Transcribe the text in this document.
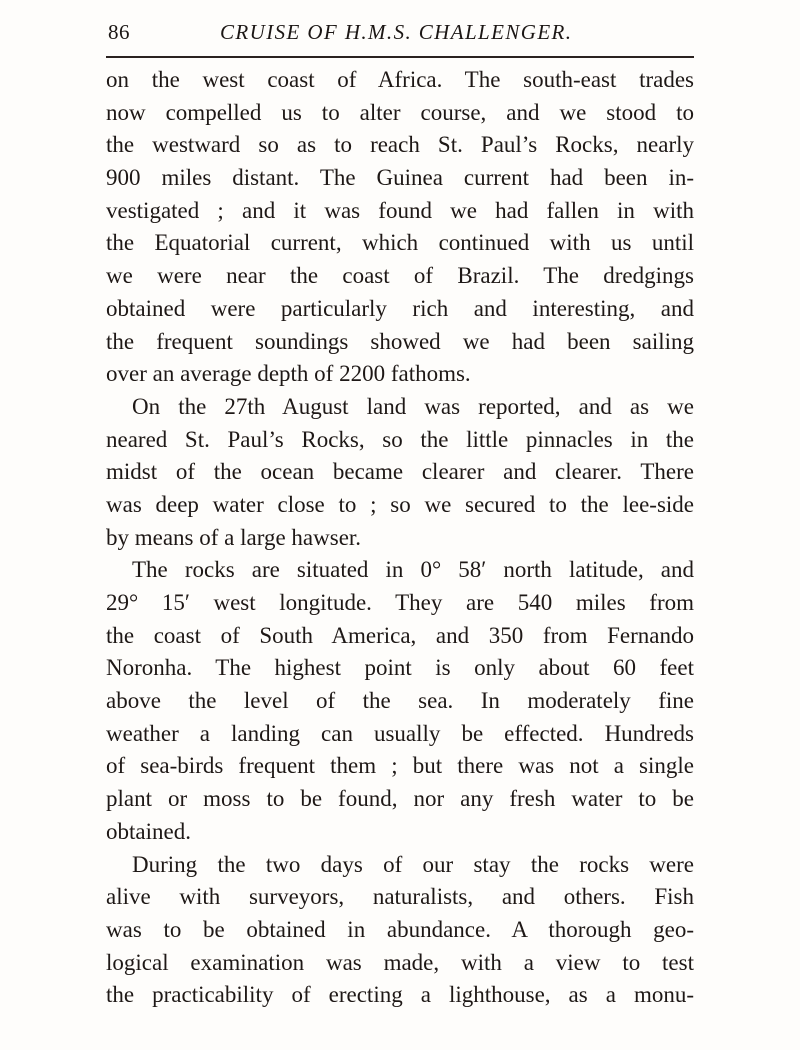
86	CRUISE OF H.M.S. CHALLENGER.
on the west coast of Africa. The south-east trades
now compelled us to alter course, and we stood to
the westward so as to reach St. Paul’s Rocks, nearly
900 miles distant. The Guinea current had been in-
vestigated ; and it was found we had fallen in with
the Equatorial current, which continued with us until
we were near the coast of Brazil. The dredgings
obtained were particularly rich and interesting, and
the frequent soundings showed we had been sailing
over an average depth of 2200 fathoms.
On the 27th August land was reported, and as we
neared St. Paul’s Rocks, so the little pinnacles in the
midst of the ocean became clearer and clearer. There
was deep water close to ; so we secured to the lee-side
by means of a large hawser.
The rocks are situated in 0° 58′ north latitude, and
29° 15′ west longitude. They are 540 miles from
the coast of South America, and 350 from Fernando
Noronha. The highest point is only about 60 feet
above the level of the sea. In moderately fine
weather a landing can usually be effected. Hundreds
of sea-birds frequent them ; but there was not a single
plant or moss to be found, nor any fresh water to be
obtained.
During the two days of our stay the rocks were
alive with surveyors, naturalists, and others. Fish
was to be obtained in abundance. A thorough geo-
logical examination was made, with a view to test
the practicability of erecting a lighthouse, as a monu-
